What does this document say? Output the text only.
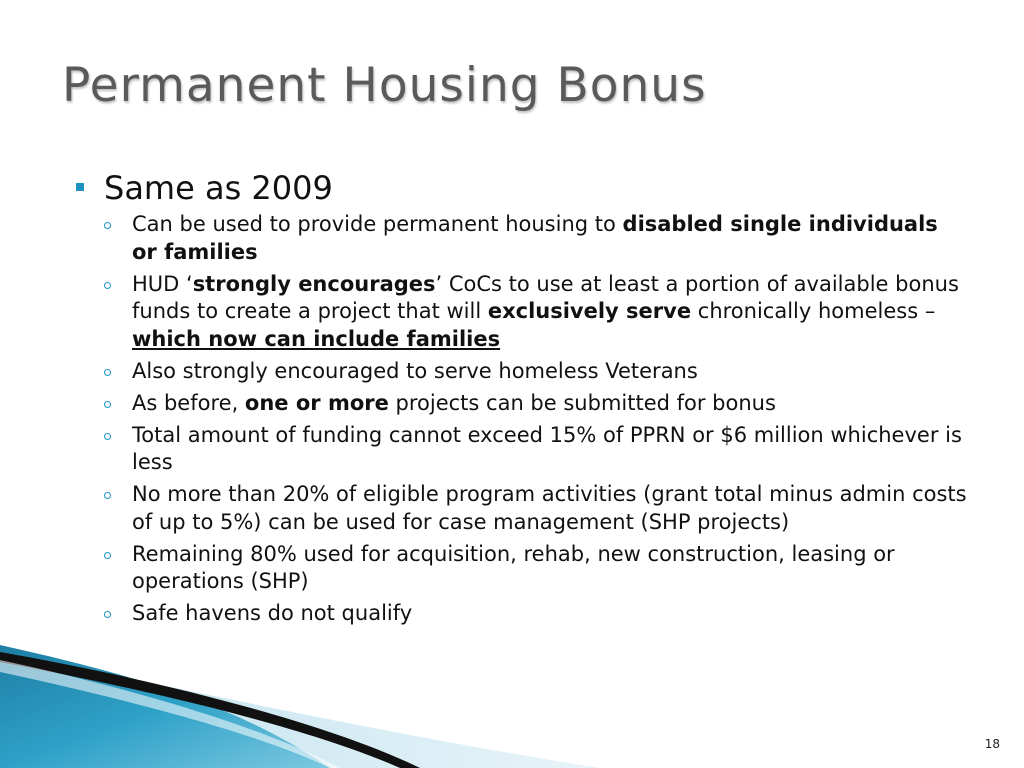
Permanent Housing Bonus
Same as 2009
Can be used to provide permanent housing to disabled single individuals or families
HUD ‘strongly encourages’ CoCs to use at least a portion of available bonus funds to create a project that will exclusively serve chronically homeless – which now can include families
Also strongly encouraged to serve homeless Veterans
As before, one or more projects can be submitted for bonus
Total amount of funding cannot exceed 15% of PPRN or $6 million whichever is less
No more than 20% of eligible program activities (grant total minus admin costs of up to 5%) can be used for case management (SHP projects)
Remaining 80% used for acquisition, rehab, new construction, leasing or operations (SHP)
Safe havens do not qualify
18
